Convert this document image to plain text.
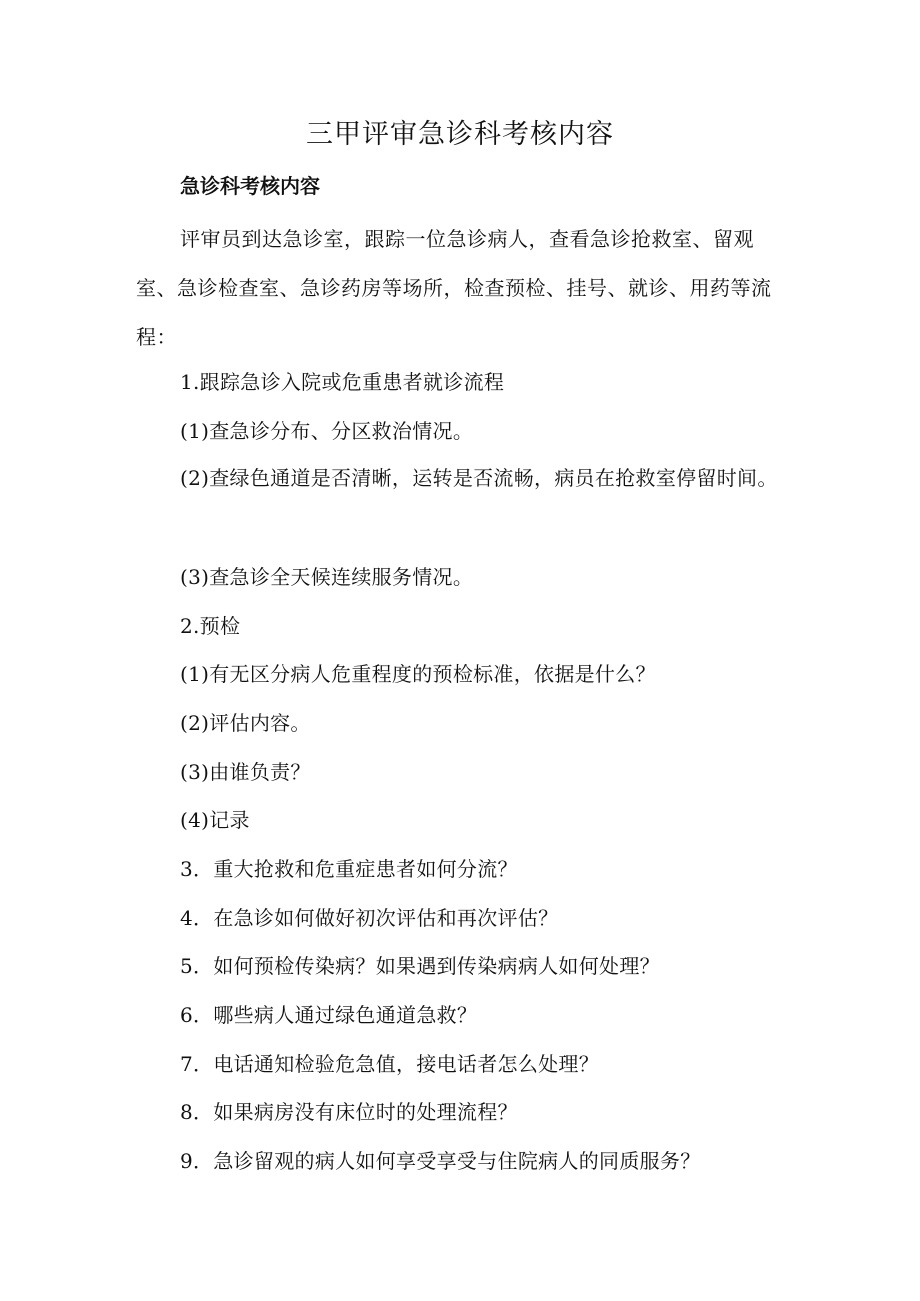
三甲评审急诊科考核内容
急诊科考核内容

评审员到达急诊室，跟踪一位急诊病人，查看急诊抢救室、留观室、急诊检查室、急诊药房等场所，检查预检、挂号、就诊、用药等流程：

1.跟踪急诊入院或危重患者就诊流程

(1)查急诊分布、分区救治情况。

(2)查绿色通道是否清晰，运转是否流畅，病员在抢救室停留时间。

(3)查急诊全天候连续服务情况。

2.预检

(1)有无区分病人危重程度的预检标准，依据是什么？

(2)评估内容。

(3)由谁负责？

(4)记录

3．重大抢救和危重症患者如何分流？

4．在急诊如何做好初次评估和再次评估？

5．如何预检传染病？如果遇到传染病病人如何处理？

6．哪些病人通过绿色通道急救？

7．电话通知检验危急值，接电话者怎么处理？

8．如果病房没有床位时的处理流程？

9．急诊留观的病人如何享受享受与住院病人的同质服务？
